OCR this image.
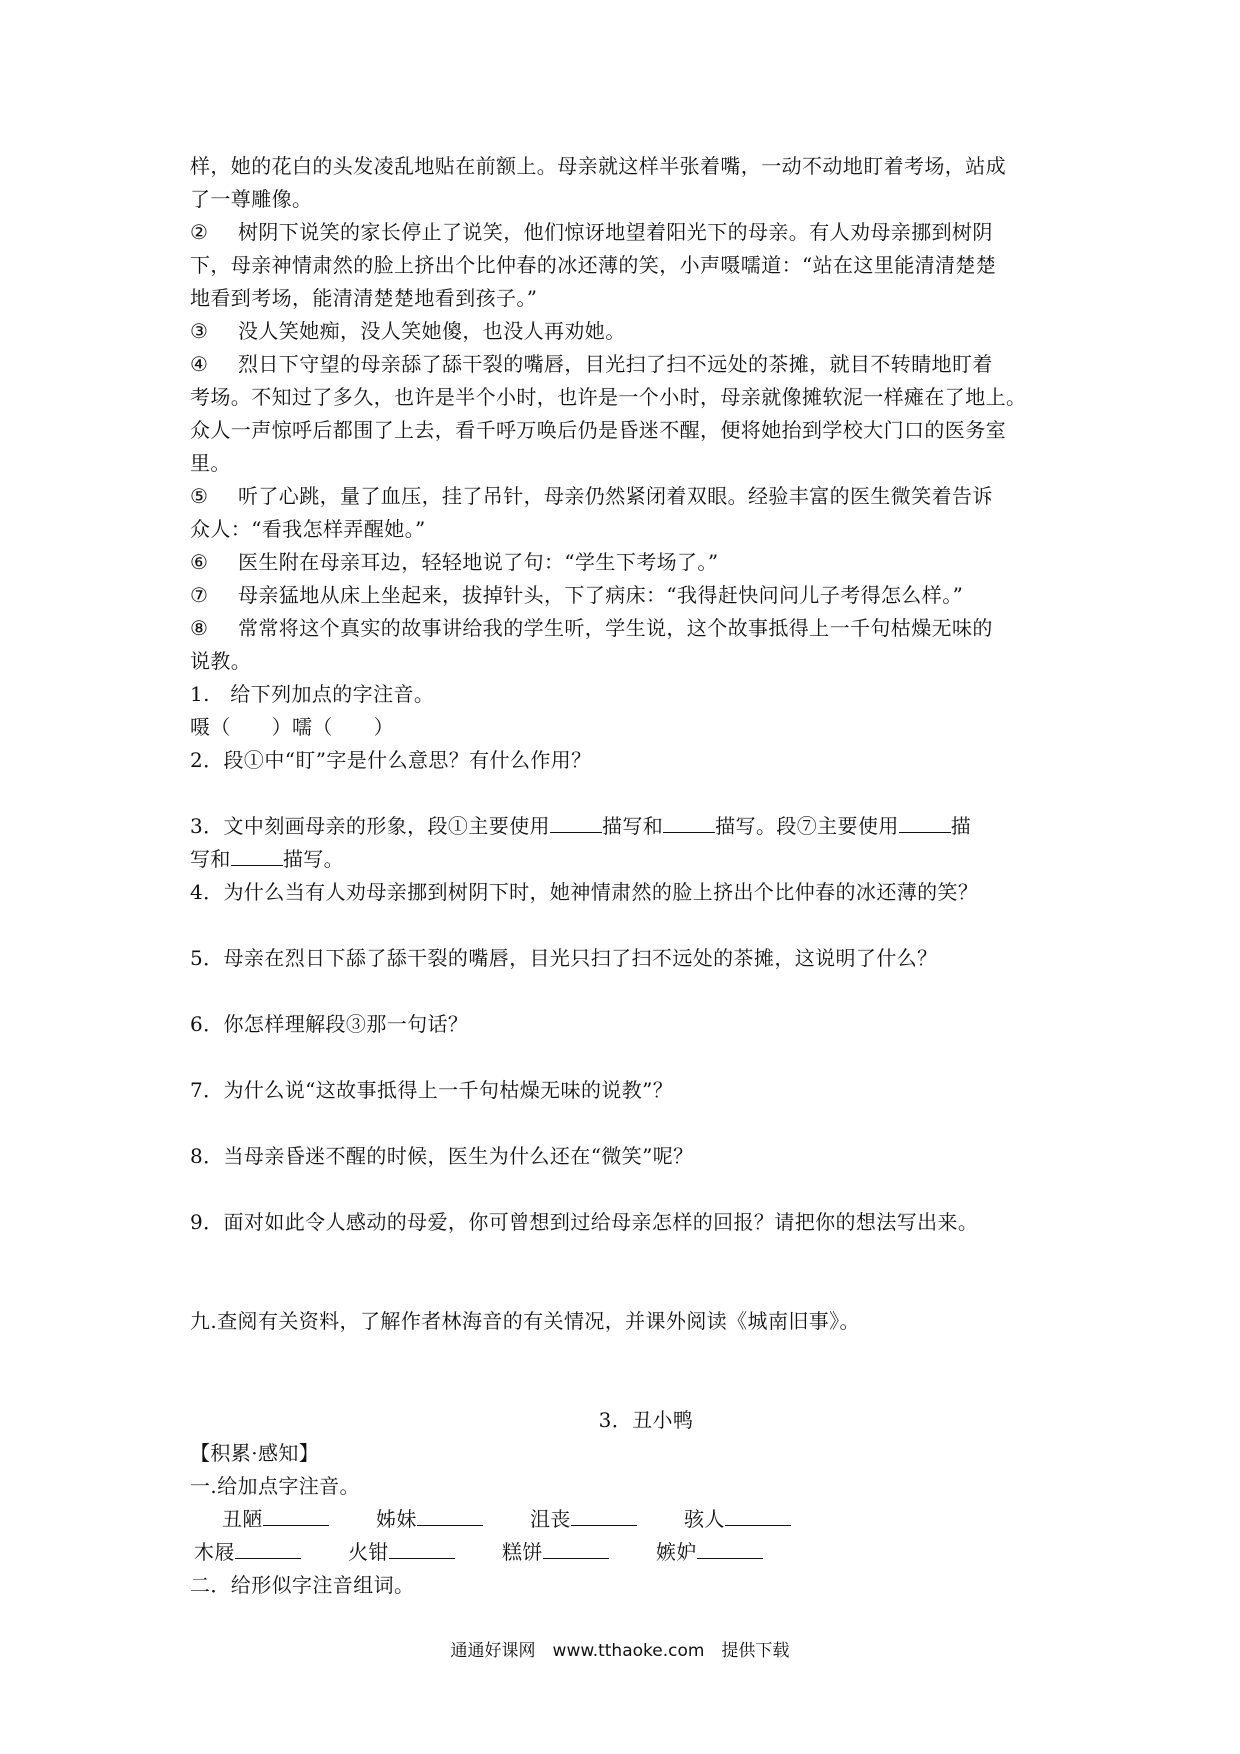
样，她的花白的头发凌乱地贴在前额上。母亲就这样半张着嘴，一动不动地盯着考场，站成
了一尊雕像。
② 树阴下说笑的家长停止了说笑，他们惊讶地望着阳光下的母亲。有人劝母亲挪到树阴
下，母亲神情肃然的脸上挤出个比仲春的冰还薄的笑，小声嗫嚅道：“站在这里能清清楚楚
地看到考场，能清清楚楚地看到孩子。”
③ 没人笑她痴，没人笑她傻，也没人再劝她。
④ 烈日下守望的母亲舔了舔干裂的嘴唇，目光扫了扫不远处的茶摊，就目不转睛地盯着
考场。不知过了多久，也许是半个小时，也许是一个小时，母亲就像摊软泥一样瘫在了地上。
众人一声惊呼后都围了上去，看千呼万唤后仍是昏迷不醒，便将她抬到学校大门口的医务室
里。
⑤ 听了心跳，量了血压，挂了吊针，母亲仍然紧闭着双眼。经验丰富的医生微笑着告诉
众人：“看我怎样弄醒她。”
⑥ 医生附在母亲耳边，轻轻地说了句：“学生下考场了。”
⑦ 母亲猛地从床上坐起来，拔掉针头，下了病床：“我得赶快问问儿子考得怎么样。”
⑧ 常常将这个真实的故事讲给我的学生听，学生说，这个故事抵得上一千句枯燥无味的
说教。
1.　给下列加点的字注音。
嗫（　　）嚅（　　）
2．段①中“盯”字是什么意思？有什么作用？
3．文中刻画母亲的形象，段①主要使用	描写和	描写。段⑦主要使用	描
写和	描写。
4．为什么当有人劝母亲挪到树阴下时，她神情肃然的脸上挤出个比仲春的冰还薄的笑？
5．母亲在烈日下舔了舔干裂的嘴唇，目光只扫了扫不远处的茶摊，这说明了什么？
6．你怎样理解段③那一句话？
7．为什么说“这故事抵得上一千句枯燥无味的说教”？
8．当母亲昏迷不醒的时候，医生为什么还在“微笑”呢？
9．面对如此令人感动的母爱，你可曾想到过给母亲怎样的回报？请把你的想法写出来。
九.查阅有关资料，了解作者林海音的有关情况，并课外阅读《城南旧事》。
3．丑小鸭
【积累·感知】
一.给加点字注音。
丑陋	姊妹	沮丧	骇人
木屐	火钳	糕饼	嫉妒
二．给形似字注音组词。
通通好课网　www.tthaoke.com　提供下载
